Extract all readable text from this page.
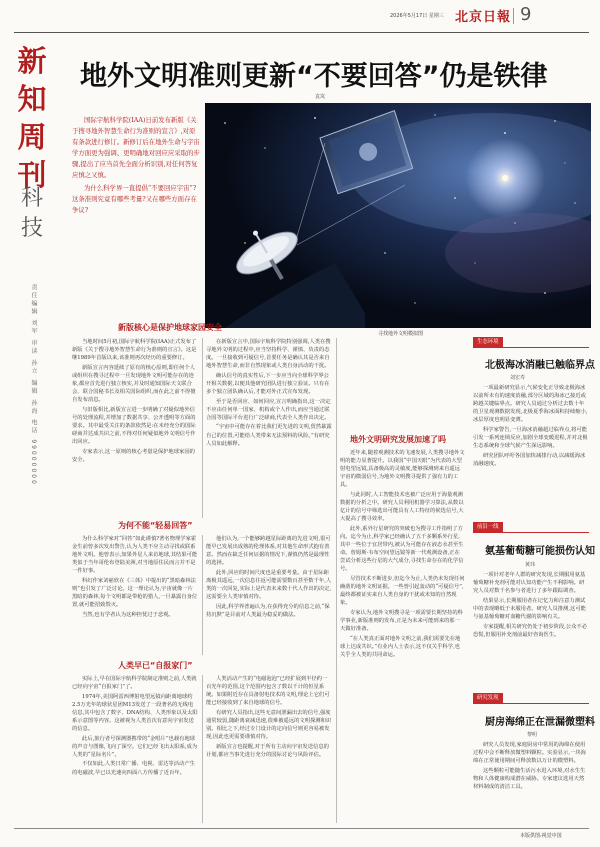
2026年5月17日 星期三 北京日報 9
新
知
周
刊
科
技
责任编辑 刘军 审读 孙立 编辑 孙海 电话 99000000
地外文明准则更新“不要回答”仍是铁律
袁岚

国际宇航科学院(IAA)日前发布新版《关于搜寻地外智慧生命行为准则的宣言》,对原有条款进行修订。新修订后在地外生命与宇宙学方面更为强调、更明确地对回应应采取的步骤,提出了应当首先全面分析识别,对任何答复应慎之又慎。

为什么科学界一直提倡“不要回应宇宙”?这条准则究竟有哪些考量?又在哪些方面存在争议?

寻找地外文明模拟图
新版核心是保护地球家园安全

当地时间5月初,国际宇航科学院(IAA)正式发布了新版《关于搜寻地外智慧生命行为准则的宣言》。这是继1989年首版以来,该准则再次经历的重要修订。

新版宣言内容延续了原有的核心原则,即任何个人或组织在搜寻过程中一旦发现地外文明可能存在的迹象,都应首先进行独立核实,并及时通知国际天文联合会、联合国秘书长及相关国际组织,而在此之前不得擅自发布消息。

与旧版相比,新版宣言进一步明确了对疑似地外信号的处理流程,并增加了数据共享、公开透明等方面的要求。其中最受关注的条款依然是:在未经充分的国际磋商并达成共识之前,不得对任何疑似地外文明信号作出回应。

专家表示,这一原则的核心考量是保护地球家园的安全。

在新版宣言中,国际宇航科学院特别强调,人类在搜寻地外文明的过程中,应当坚持科学、谨慎、负责的态度。一旦接收到可疑信号,首要任务是确认其是否来自地外智慧生命,而非自然现象或人类自身活动的干扰。

确认信号的真实性后,下一步应当向全球科学界公开相关数据,以便其他研究团队进行独立验证。只有在多个独立团队确认后,才能对外正式宣布发现。

至于是否回应、如何回应,宣言明确指出,这一决定不应由任何单一国家、机构或个人作出,而应当通过联合国等国际平台进行广泛磋商,代表全人类作出决定。

“宇宙中可能存在着比我们更先进的文明,贸然暴露自己的位置,可能给人类带来无法预料的风险。”有研究人员如此解释。

为何不能“轻易回答”

为什么科学家对“回答”如此谨慎?著名物理学家霍金生前曾多次发出警告,认为人类不应主动寻找或联系地外文明。他曾表示,如果外星人来访地球,其结果可能类似于当年哥伦布登陆美洲,对当地原住民而言并不是一件好事。

科幻作家刘慈欣在《三体》中提出的“黑暗森林法则”也引发了广泛讨论。这一理论认为,宇宙就像一片黑暗的森林,每个文明都是带枪的猎人,一旦暴露自身位置,就可能招致毁灭。

当然,也有学者认为这种担忧过于悲观。

他们认为,一个能够跨越星际距离的先进文明,很可能早已发展出成熟的伦理体系,对其他生命形式抱有善意。然而在缺乏任何证据的情况下,谨慎仍然是最理性的选择。

此外,回应的时间尺度也是重要考量。由于星际距离极其遥远,一次信息往返可能需要数百甚至数千年,人类的一次回复,实际上是代表未来数十代人作出的决定,这需要全人类审慎对待。

因此,科学界普遍认为,在获得充分的信息之前,“保持沉默”是目前对人类最为稳妥的做法。

人类早已“自报家门”

实际上,早在国际宇航科学院制定准则之前,人类就已经向宇宙“自报家门”了。

1974年,美国阿雷西博射电望远镜向距离地球约2.5万光年的球状星团M13发送了一段著名的无线电信息,其中包含了数字、DNA结构、人类形象以及太阳系示意图等内容。这被视为人类首次有意向宇宙发送的信息。

此后,旅行者号探测器携带的“金唱片”也载有地球的声音与图像,飞向了深空。它们已经飞出太阳系,成为人类的“星际名片”。

不仅如此,人类日常广播、电视、雷达等活动产生的电磁波,早已以光速向四面八方传播了近百年。

人类活动产生的“电磁泡泡”已经扩展到半径约一百光年的范围,这个范围内包含了数以千计的恒星系统。如果附近存在具备射电技术的文明,理论上它们可能已经接收到了来自地球的信号。

有研究人员指出,这些无意间泄漏出去的信号,强度通常较弱,随距离衰减迅速,很难被遥远的文明探测和识别。相比之下,经过专门设计的定向信号则更容易被发现,因此也更需要谨慎对待。

新版宣言也提醒,对于所有主动向宇宙发送信息的计划,都应当事先进行充分的国际讨论与风险评估。

地外文明研究发展加速了吗

近年来,随着观测技术的飞速发展,人类搜寻地外文明的能力显著提升。以我国“中国天眼”为代表的大型射电望远镜,具备极高的灵敏度,能够探测到来自遥远宇宙的微弱信号,为地外文明搜寻提供了强有力的工具。

与此同时,人工智能技术也被广泛应用于海量观测数据的分析之中。研究人员利用机器学习算法,从数以亿计的信号中筛选出可能具有人工特征的候选信号,大大提高了搜寻效率。

此外,系外行星研究的突破也为搜寻工作指明了方向。迄今为止,科学家已经确认了五千多颗系外行星,其中一些位于宜居带内,被认为可能存在液态水甚至生命。詹姆斯·韦布空间望远镜等新一代观测设备,正在尝试分析这些行星的大气成分,寻找生命存在的化学信号。

尽管技术不断进步,但迄今为止,人类仍未发现任何确凿的地外文明证据。一些曾引起轰动的“可疑信号”,最终都被证实来自人类自身的干扰或未知的自然现象。

专家认为,地外文明搜寻是一项需要长期坚持的科学事业,新版准则的发布,正是为未来可能到来的那一天做好准备。

“在人类真正面对地外文明之前,我们需要先在地球上达成共识。”有业内人士表示,这不仅关乎科学,也关乎全人类的共同命运。

生态环境
北极海冰消融已触临界点
刘宏寿

一项最新研究显示,气候变化正导致北极海冰以前所未有的速度消融,部分区域的海冰已接近或跨越关键临界点。研究人员通过分析过去数十年的卫星观测数据发现,北极夏季海冰面积持续缩小,冰层厚度也明显变薄。

科学家警告,一旦海冰消融超过临界点,将可能引发一系列连锁反应,加剧全球变暖进程,并对北极生态系统和全球气候产生深远影响。

研究团队呼吁各国加快减排行动,以减缓海冰消融速度。

前沿一线
氨基葡萄糖可能损伤认知
黄玮

一项针对老年人群的研究发现,长期服用氨基葡萄糖补充剂可能对认知功能产生不利影响。研究人员对数千名参与者进行了多年跟踪调查。

结果显示,长期服用者在记忆力和注意力测试中的表现略低于未服用者。研究人员推测,这可能与氨基葡萄糖对血糖代谢的影响有关。

专家提醒,相关研究仍处于初步阶段,公众不必恐慌,但服用补充剂前最好咨询医生。

研究发现
厨房海绵正在泄漏微塑料
黎明

研究人员发现,家庭厨房中常用的海绵在使用过程中会不断释放微塑料颗粒。实验显示,一块海绵在正常使用期间可释放数以万计的微塑料。

这些颗粒可能随生活污水进入环境,对水生生物和人体健康构成潜在威胁。专家建议选用天然材料制成的清洁工具。

本版供图:视觉中国
